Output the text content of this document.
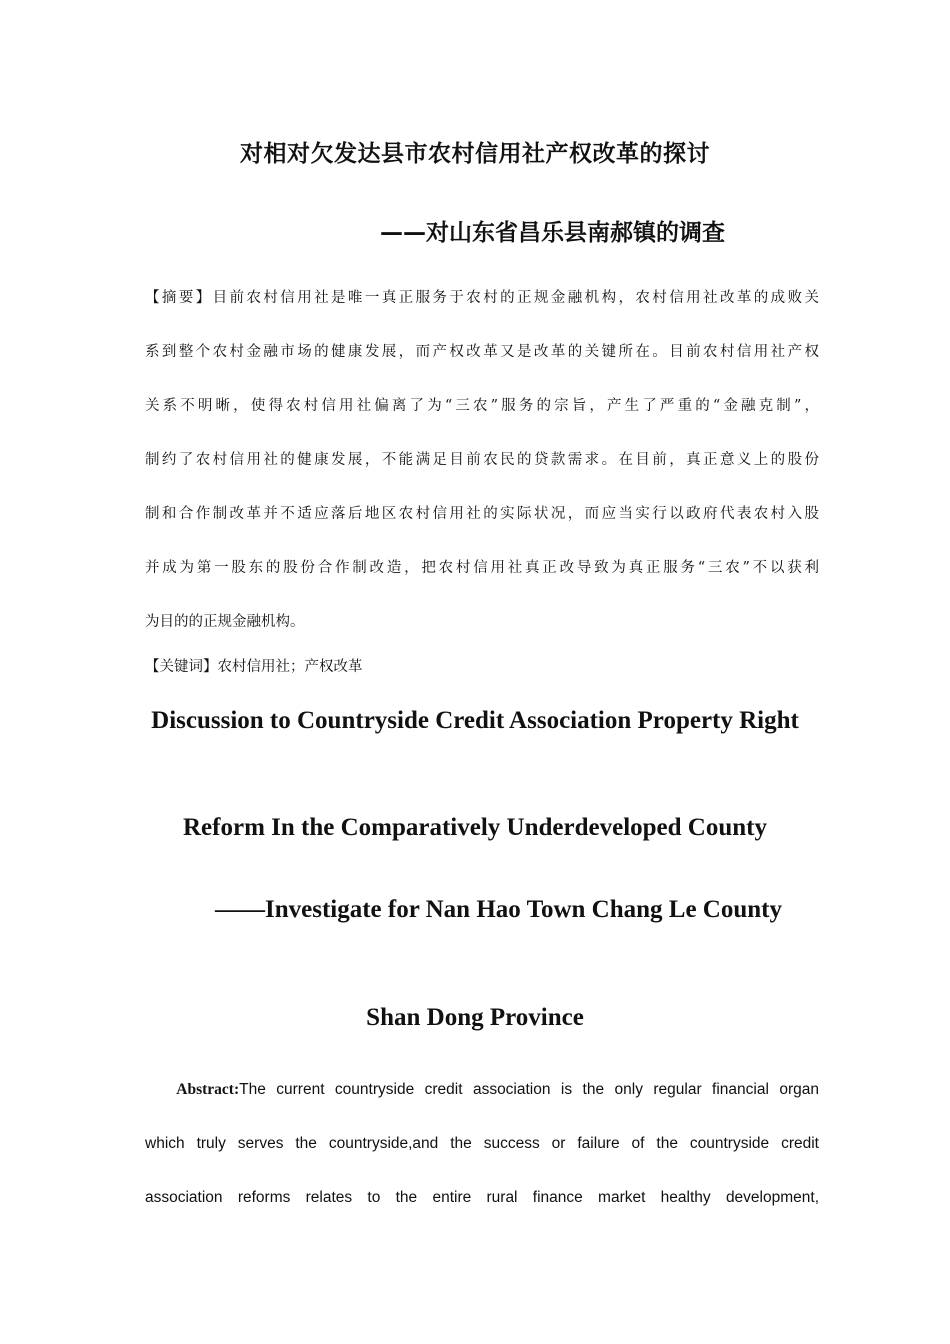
对相对欠发达县市农村信用社产权改革的探讨
——对山东省昌乐县南郝镇的调查
【摘要】目前农村信用社是唯一真正服务于农村的正规金融机构，农村信用社改革的成败关
系到整个农村金融市场的健康发展，而产权改革又是改革的关键所在。目前农村信用社产权
关系不明晰，使得农村信用社偏离了为“三农”服务的宗旨，产生了严重的“金融克制”，
制约了农村信用社的健康发展，不能满足目前农民的贷款需求。在目前，真正意义上的股份
制和合作制改革并不适应落后地区农村信用社的实际状况，而应当实行以政府代表农村入股
并成为第一股东的股份合作制改造，把农村信用社真正改导致为真正服务“三农”不以获利
为目的的正规金融机构。
【关键词】农村信用社；产权改革
Discussion to Countryside Credit Association Property Right
Reform In the Comparatively Underdeveloped County
——Investigate for Nan Hao Town Chang Le County
Shan Dong Province
Abstract:The current countryside credit association is the only regular financial organ
which truly serves the countryside,and the success or failure of the countryside credit
association reforms relates to the entire rural finance market healthy development,
